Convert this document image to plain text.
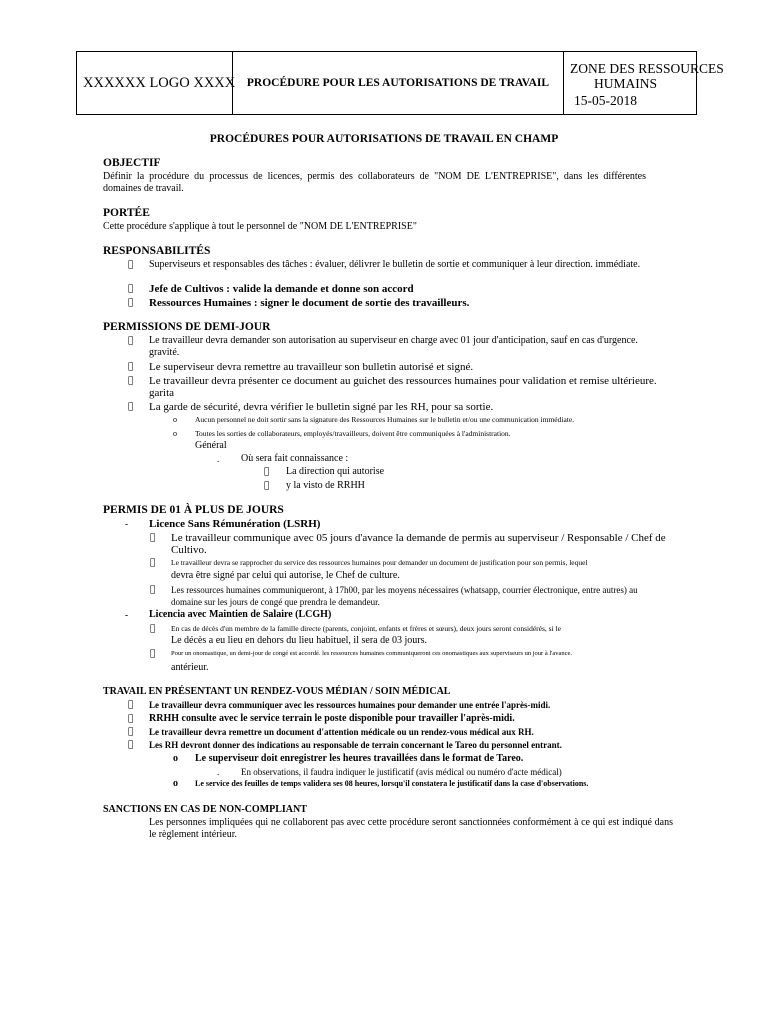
XXXXXX LOGO XXXX	PROCÉDURE POUR LES AUTORISATIONS DE TRAVAIL
ZONE DES RESSOURCES
HUMAINS
15-05-2018
PROCÉDURES POUR AUTORISATIONS DE TRAVAIL EN CHAMP
OBJECTIF
Définir la procédure du processus de licences, permis des collaborateurs de "NOM DE L'ENTREPRISE", dans les différentes domaines de travail.
PORTÉE
Cette procédure s'applique à tout le personnel de "NOM DE L'ENTREPRISE"
RESPONSABILITÉS
Superviseurs et responsables des tâches : évaluer, délivrer le bulletin de sortie et communiquer à leur direction. immédiate.
Jefe de Cultivos : valide la demande et donne son accord
Ressources Humaines : signer le document de sortie des travailleurs.
PERMISSIONS DE DEMI-JOUR
Le travailleur devra demander son autorisation au superviseur en charge avec 01 jour d'anticipation, sauf en cas d'urgence. gravité.
Le superviseur devra remettre au travailleur son bulletin autorisé et signé.
Le travailleur devra présenter ce document au guichet des ressources humaines pour validation et remise ultérieure. garita
La garde de sécurité, devra vérifier le bulletin signé par les RH, pour sa sortie.
o Aucun personnel ne doit sortir sans la signature des Ressources Humaines sur le bulletin et/ou une communication immédiate.
o Toutes les sorties de collaborateurs, employés/travailleurs, doivent être communiquées à l'administration.
Général
. Où sera fait connaissance :
La direction qui autorise
y la visto de RRHH
PERMIS DE 01 À PLUS DE JOURS
- Licence Sans Rémunération (LSRH)
Le travailleur communique avec 05 jours d'avance la demande de permis au superviseur / Responsable / Chef de Cultivo.
Le travailleur devra se rapprocher du service des ressources humaines pour demander un document de justification pour son permis, lequel
devra être signé par celui qui autorise, le Chef de culture.
Les ressources humaines communiqueront, à 17h00, par les moyens nécessaires (whatsapp, courrier électronique, entre autres) au domaine sur les jours de congé que prendra le demandeur.
- Licencia avec Maintien de Salaire (LCGH)
En cas de décès d'un membre de la famille directe (parents, conjoint, enfants et frères et sœurs), deux jours seront considérés, si le
Le décès a eu lieu en dehors du lieu habituel, il sera de 03 jours.
Pour un onomastique, un demi-jour de congé est accordé. les ressources humaines communiqueront ces onomastiques aux superviseurs un jour à l'avance.
antérieur.
TRAVAIL EN PRÉSENTANT UN RENDEZ-VOUS MÉDIAN / SOIN MÉDICAL
Le travailleur devra communiquer avec les ressources humaines pour demander une entrée l'après-midi.
RRHH consulte avec le service terrain le poste disponible pour travailler l'après-midi.
Le travailleur devra remettre un document d'attention médicale ou un rendez-vous médical aux RH.
Les RH devront donner des indications au responsable de terrain concernant le Tareo du personnel entrant.
o Le superviseur doit enregistrer les heures travaillées dans le format de Tareo.
. En observations, il faudra indiquer le justificatif (avis médical ou numéro d'acte médical)
o Le service des feuilles de temps validera ses 08 heures, lorsqu'il constatera le justificatif dans la case d'observations.
SANCTIONS EN CAS DE NON-COMPLIANT
Les personnes impliquées qui ne collaborent pas avec cette procédure seront sanctionnées conformément à ce qui est indiqué dans le règlement intérieur.
